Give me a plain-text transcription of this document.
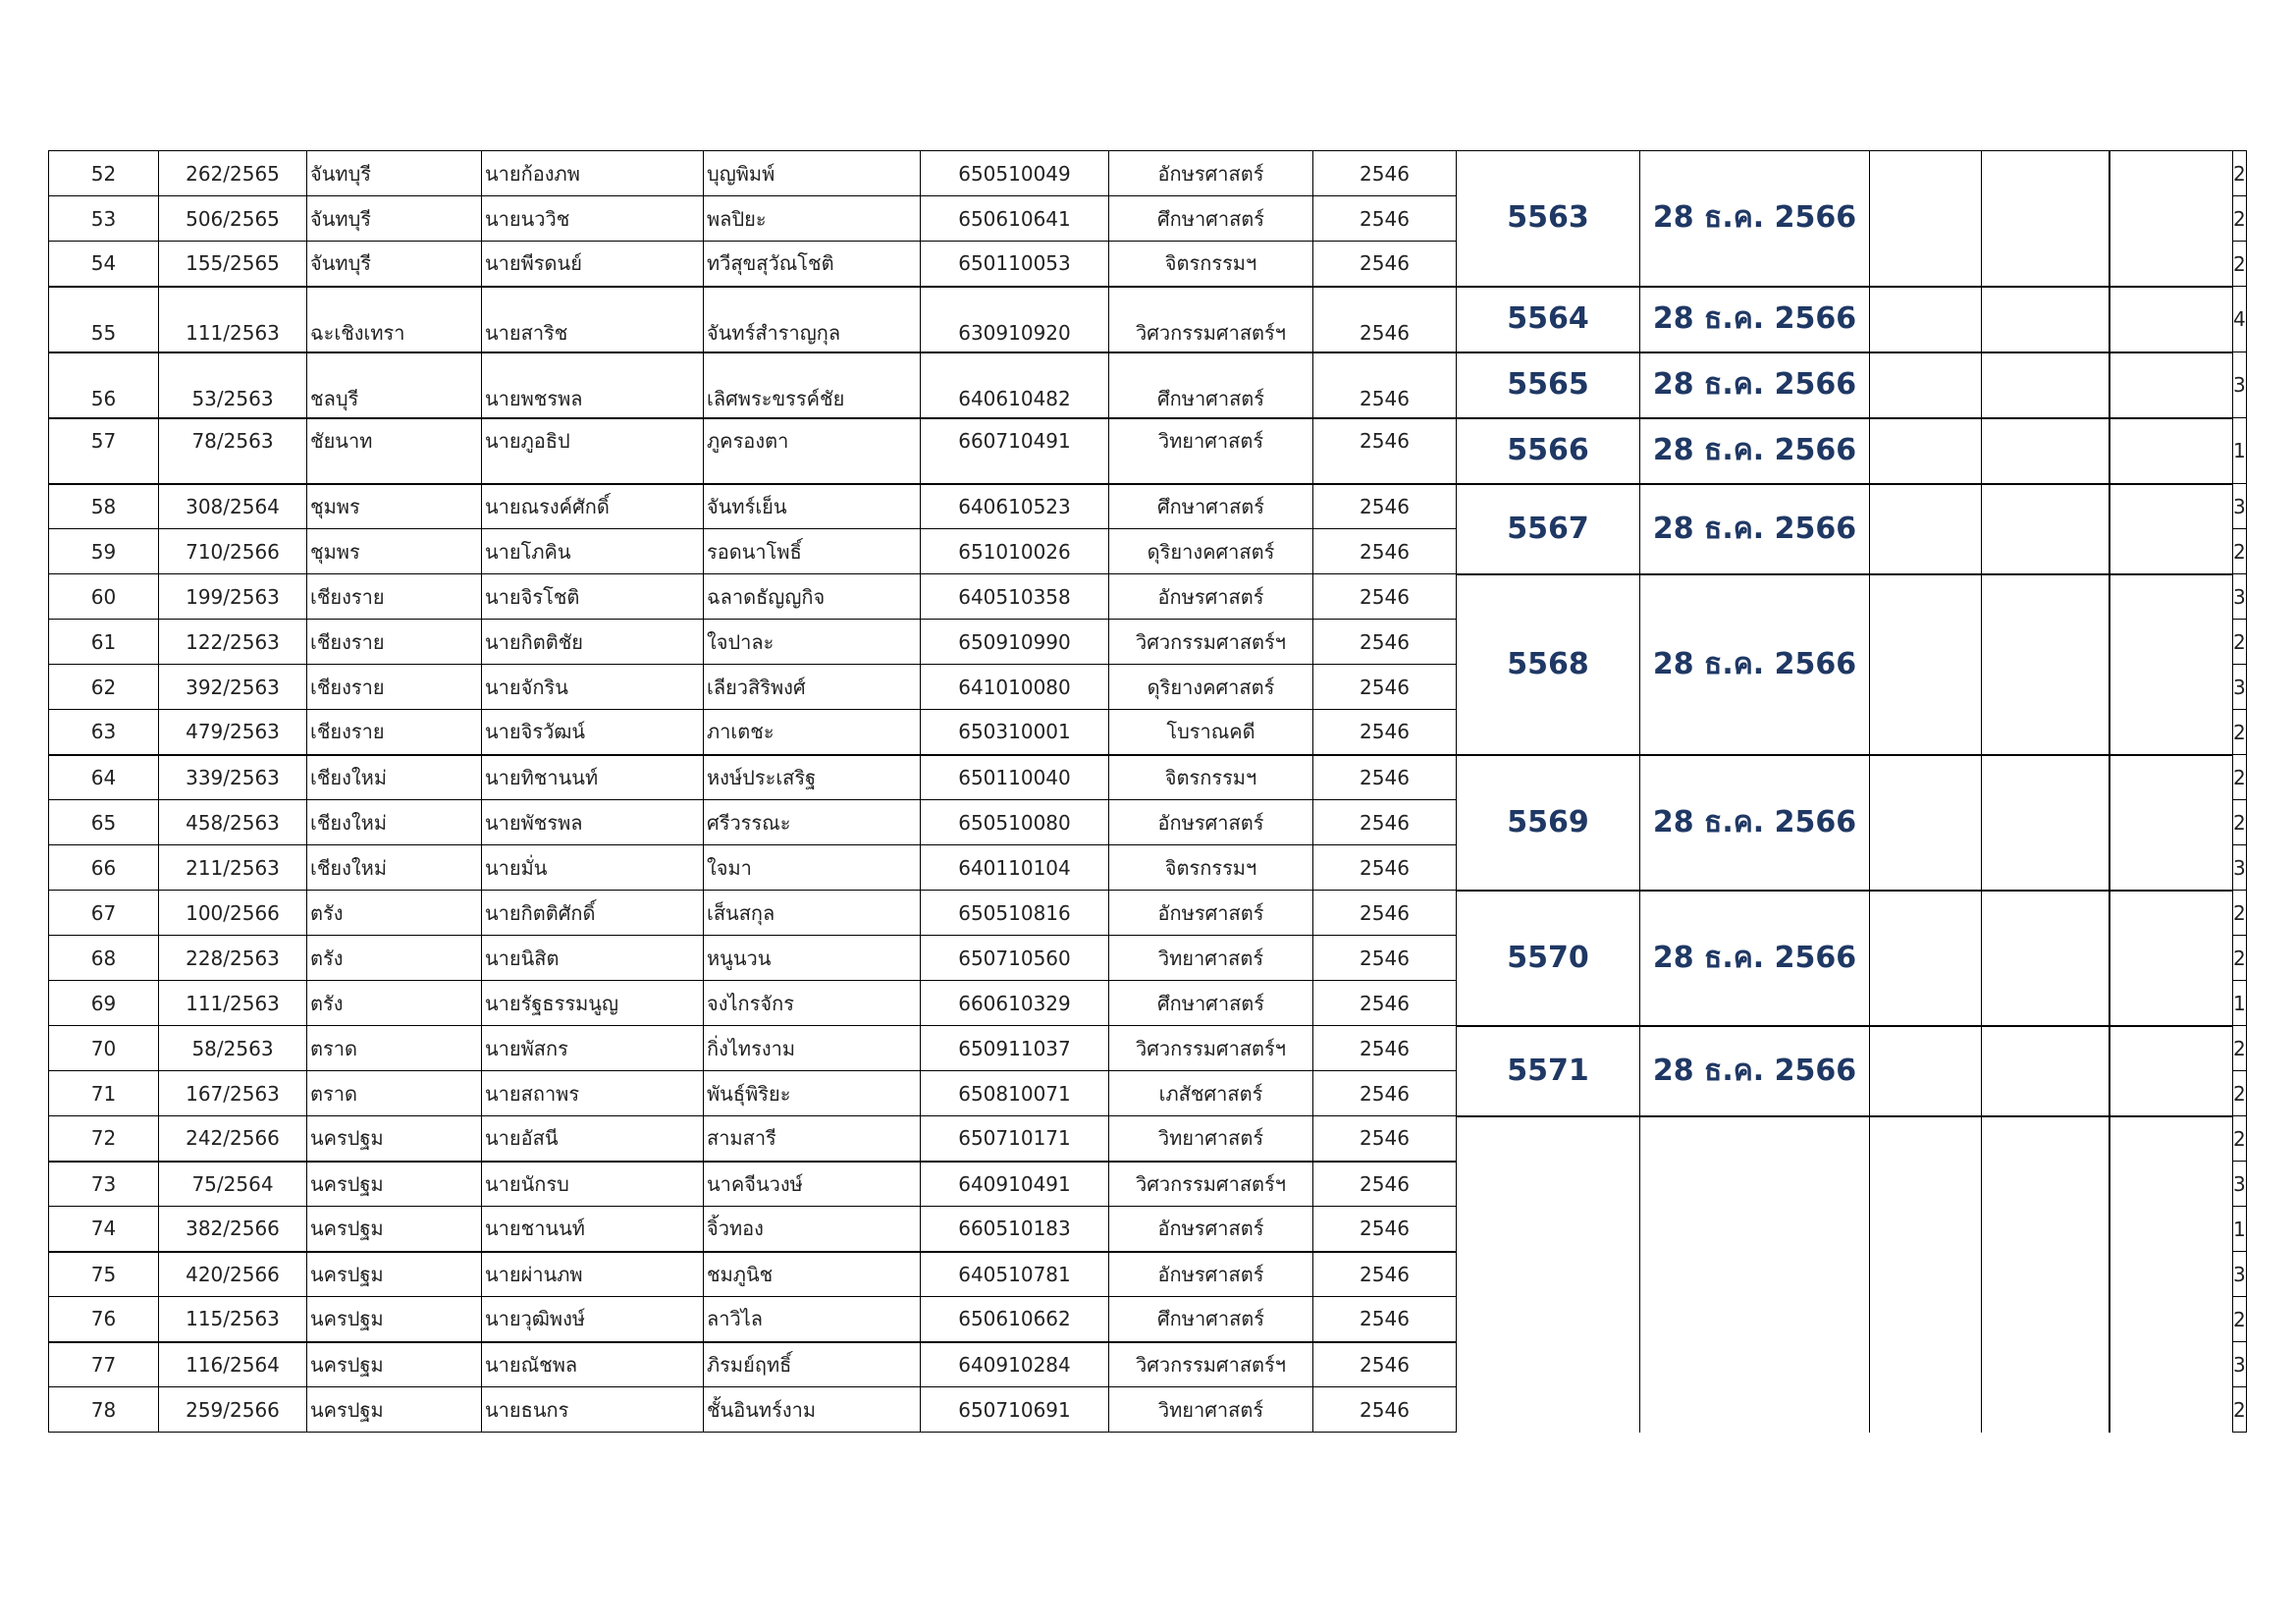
52	262/2565	จันทบุรี	นายก้องภพ	บุญพิมพ์	650510049	อักษรศาสตร์	2546	5563	28 ธ.ค. 2566				2
53	506/2565	จันทบุรี	นายนววิช	พลปิยะ	650610641	ศึกษาศาสตร์	2546						2
54	155/2565	จันทบุรี	นายพีรดนย์	ทวีสุขสุวัณโชติ	650110053	จิตรกรรมฯ	2546						2
55	111/2563	ฉะเชิงเทรา	นายสาริช	จันทร์สำราญกุล	630910920	วิศวกรรมศาสตร์ฯ	2546	5564	28 ธ.ค. 2566				4
56	53/2563	ชลบุรี	นายพชรพล	เลิศพระขรรค์ชัย	640610482	ศึกษาศาสตร์	2546	5565	28 ธ.ค. 2566				3
57	78/2563	ชัยนาท	นายภูอธิป	ภูครองตา	660710491	วิทยาศาสตร์	2546	5566	28 ธ.ค. 2566				1
58	308/2564	ชุมพร	นายณรงค์ศักดิ์	จันทร์เย็น	640610523	ศึกษาศาสตร์	2546	5567	28 ธ.ค. 2566				3
59	710/2566	ชุมพร	นายโภคิน	รอดนาโพธิ์	651010026	ดุริยางคศาสตร์	2546						2
60	199/2563	เชียงราย	นายจิรโชติ	ฉลาดธัญญกิจ	640510358	อักษรศาสตร์	2546	5568	28 ธ.ค. 2566				3
61	122/2563	เชียงราย	นายกิตติชัย	ใจปาละ	650910990	วิศวกรรมศาสตร์ฯ	2546						2
62	392/2563	เชียงราย	นายจักริน	เลียวสิริพงศ์	641010080	ดุริยางคศาสตร์	2546						3
63	479/2563	เชียงราย	นายจิรวัฒน์	ภาเตชะ	650310001	โบราณคดี	2546						2
64	339/2563	เชียงใหม่	นายทิชานนท์	หงษ์ประเสริฐ	650110040	จิตรกรรมฯ	2546	5569	28 ธ.ค. 2566				2
65	458/2563	เชียงใหม่	นายพัชรพล	ศรีวรรณะ	650510080	อักษรศาสตร์	2546						2
66	211/2563	เชียงใหม่	นายมั่น	ใจมา	640110104	จิตรกรรมฯ	2546						3
67	100/2566	ตรัง	นายกิตติศักดิ์	เส็นสกุล	650510816	อักษรศาสตร์	2546	5570	28 ธ.ค. 2566				2
68	228/2563	ตรัง	นายนิสิต	หนูนวน	650710560	วิทยาศาสตร์	2546						2
69	111/2563	ตรัง	นายรัฐธรรมนูญ	จงไกรจักร	660610329	ศึกษาศาสตร์	2546						1
70	58/2563	ตราด	นายพัสกร	กิ่งไทรงาม	650911037	วิศวกรรมศาสตร์ฯ	2546	5571	28 ธ.ค. 2566				2
71	167/2563	ตราด	นายสถาพร	พันธุ์พิริยะ	650810071	เภสัชศาสตร์	2546						2
72	242/2566	นครปฐม	นายอัสนี	สามสารี	650710171	วิทยาศาสตร์	2546						2
73	75/2564	นครปฐม	นายนักรบ	นาคจีนวงษ์	640910491	วิศวกรรมศาสตร์ฯ	2546						3
74	382/2566	นครปฐม	นายชานนท์	จิ้วทอง	660510183	อักษรศาสตร์	2546						1
75	420/2566	นครปฐม	นายผ่านภพ	ชมภูนิช	640510781	อักษรศาสตร์	2546						3
76	115/2563	นครปฐม	นายวุฒิพงษ์	ลาวิไล	650610662	ศึกษาศาสตร์	2546						2
77	116/2564	นครปฐม	นายณัชพล	ภิรมย์ฤทธิ์	640910284	วิศวกรรมศาสตร์ฯ	2546						3
78	259/2566	นครปฐม	นายธนกร	ชั้นอินทร์งาม	650710691	วิทยาศาสตร์	2546						2
